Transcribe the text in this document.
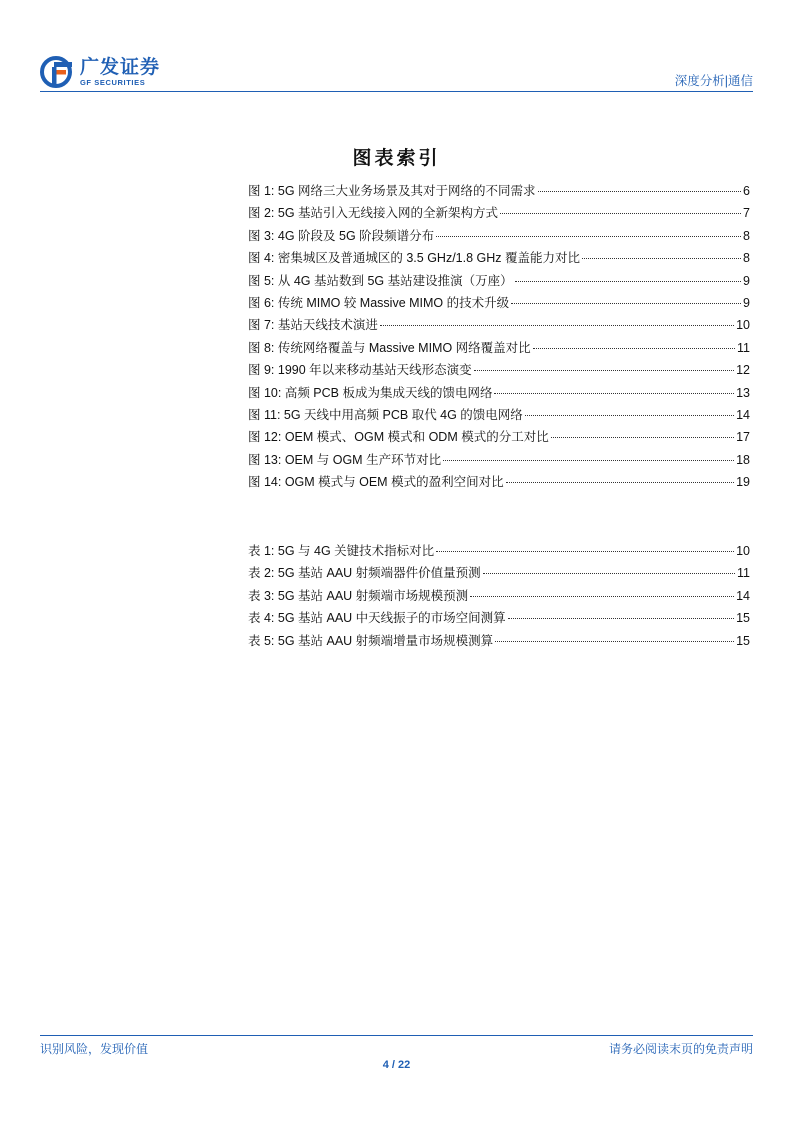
广发证券
GF SECURITIES	深度分析|通信
图表索引
图 1: 5G 网络三大业务场景及其对于网络的不同需求	6
图 2: 5G 基站引入无线接入网的全新架构方式	7
图 3: 4G 阶段及 5G 阶段频谱分布	8
图 4: 密集城区及普通城区的 3.5 GHz/1.8 GHz 覆盖能力对比	8
图 5: 从 4G 基站数到 5G 基站建设推演（万座）	9
图 6: 传统 MIMO 较 Massive MIMO 的技术升级	9
图 7: 基站天线技术演进	10
图 8: 传统网络覆盖与 Massive MIMO 网络覆盖对比	11
图 9: 1990 年以来移动基站天线形态演变	12
图 10: 高频 PCB 板成为集成天线的馈电网络	13
图 11: 5G 天线中用高频 PCB 取代 4G 的馈电网络	14
图 12: OEM 模式、OGM 模式和 ODM 模式的分工对比	17
图 13: OEM 与 OGM 生产环节对比	18
图 14: OGM 模式与 OEM 模式的盈利空间对比	19
表 1: 5G 与 4G 关键技术指标对比	10
表 2: 5G 基站 AAU 射频端器件价值量预测	11
表 3: 5G 基站 AAU 射频端市场规模预测	14
表 4: 5G 基站 AAU 中天线振子的市场空间测算	15
表 5: 5G 基站 AAU 射频端增量市场规模测算	15
识别风险，发现价值	请务必阅读末页的免责声明
4 / 22
